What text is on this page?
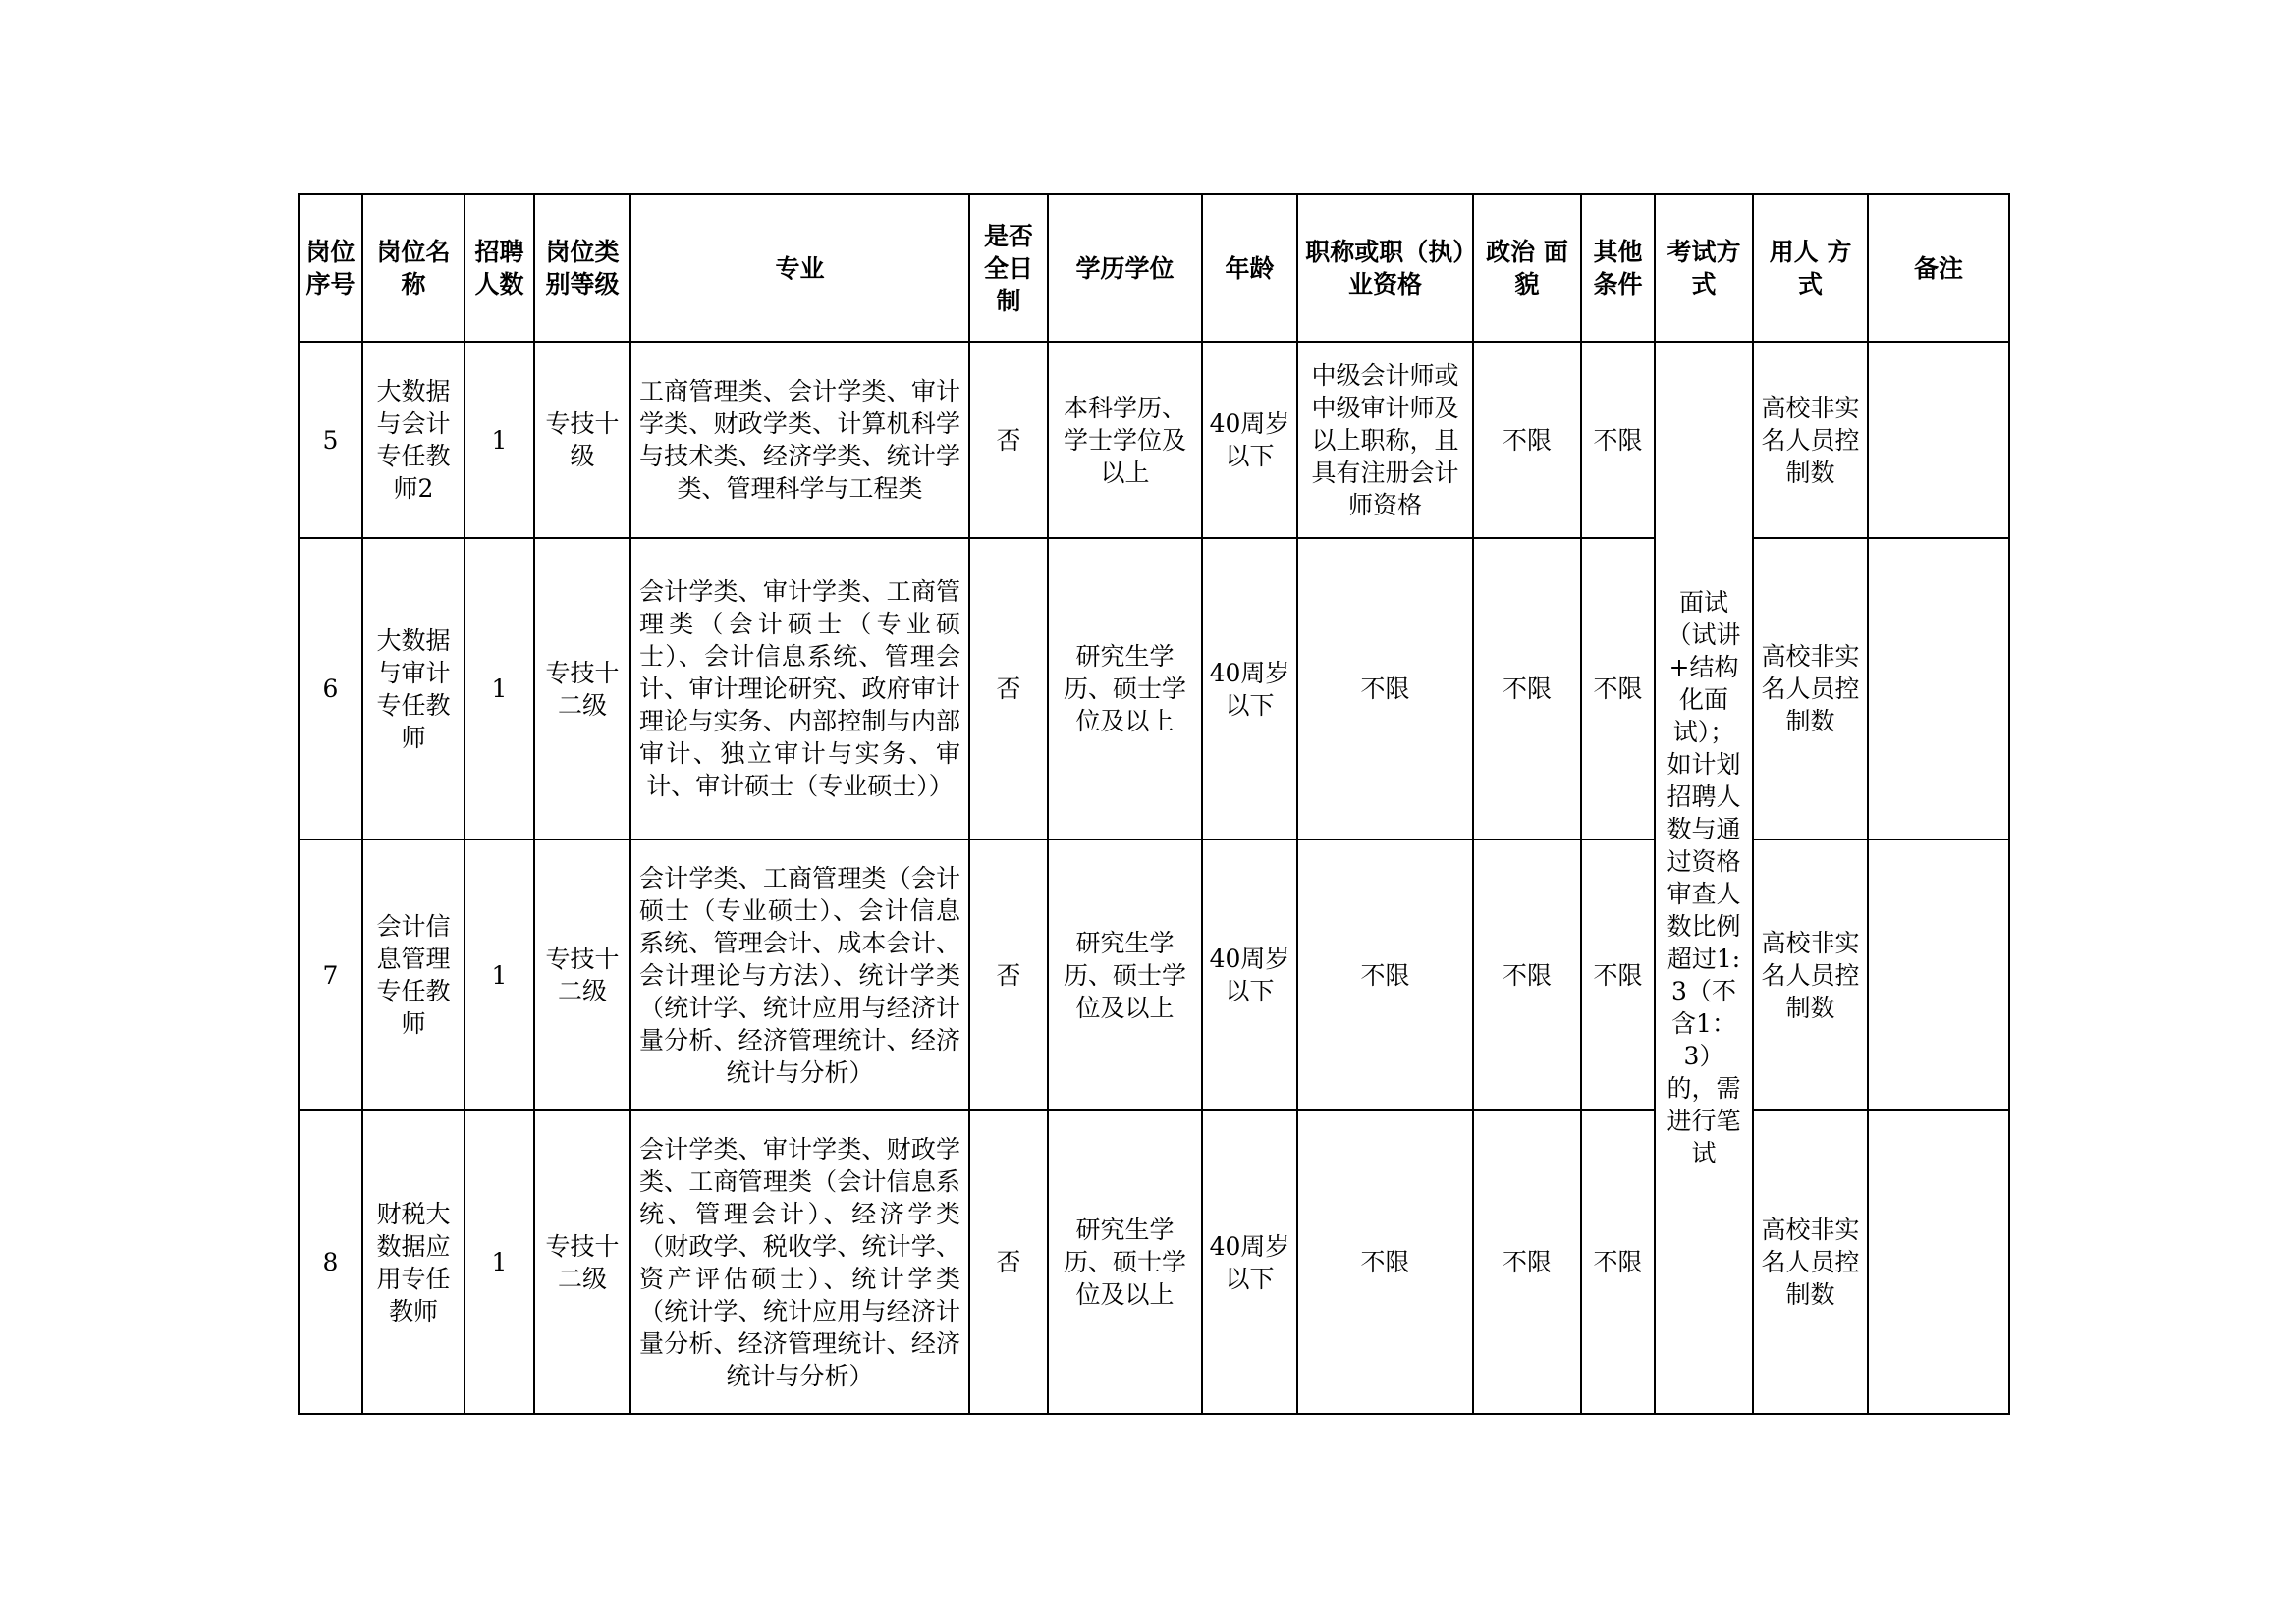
岗位序号	岗位名称	招聘人数	岗位类别等级	专业	是否全日制	学历学位	年龄	职称或职（执）业资格	政治 面貌	其他条件	考试方式	用人 方式	备注
5	大数据与会计专任教师2	1	专技十级	工商管理类、会计学类、审计学类、财政学类、计算机科学与技术类、经济学类、统计学类、管理科学与工程类	否	本科学历、学士学位及以上	40周岁以下	中级会计师或中级审计师及以上职称，且具有注册会计师资格	不限	不限	面试（试讲+结构化面试）；如计划招聘人数与通过资格审查人数比例超过1:3（不含1：3）的，需进行笔试	高校非实名人员控制数	
6	大数据与审计专任教师	1	专技十二级	会计学类、审计学类、工商管理类（会计硕士（专业硕士）、会计信息系统、管理会计、审计理论研究、政府审计理论与实务、内部控制与内部审计、独立审计与实务、审计、审计硕士（专业硕士））	否	研究生学历、硕士学位及以上	40周岁以下	不限	不限	不限		高校非实名人员控制数	
7	会计信息管理专任教师	1	专技十二级	会计学类、工商管理类（会计硕士（专业硕士）、会计信息系统、管理会计、成本会计、会计理论与方法）、统计学类（统计学、统计应用与经济计量分析、经济管理统计、经济统计与分析）	否	研究生学历、硕士学位及以上	40周岁以下	不限	不限	不限		高校非实名人员控制数	
8	财税大数据应用专任教师	1	专技十二级	会计学类、审计学类、财政学类、工商管理类（会计信息系统、管理会计）、经济学类（财政学、税收学、统计学、资产评估硕士）、统计学类（统计学、统计应用与经济计量分析、经济管理统计、经济统计与分析）	否	研究生学历、硕士学位及以上	40周岁以下	不限	不限	不限		高校非实名人员控制数	
